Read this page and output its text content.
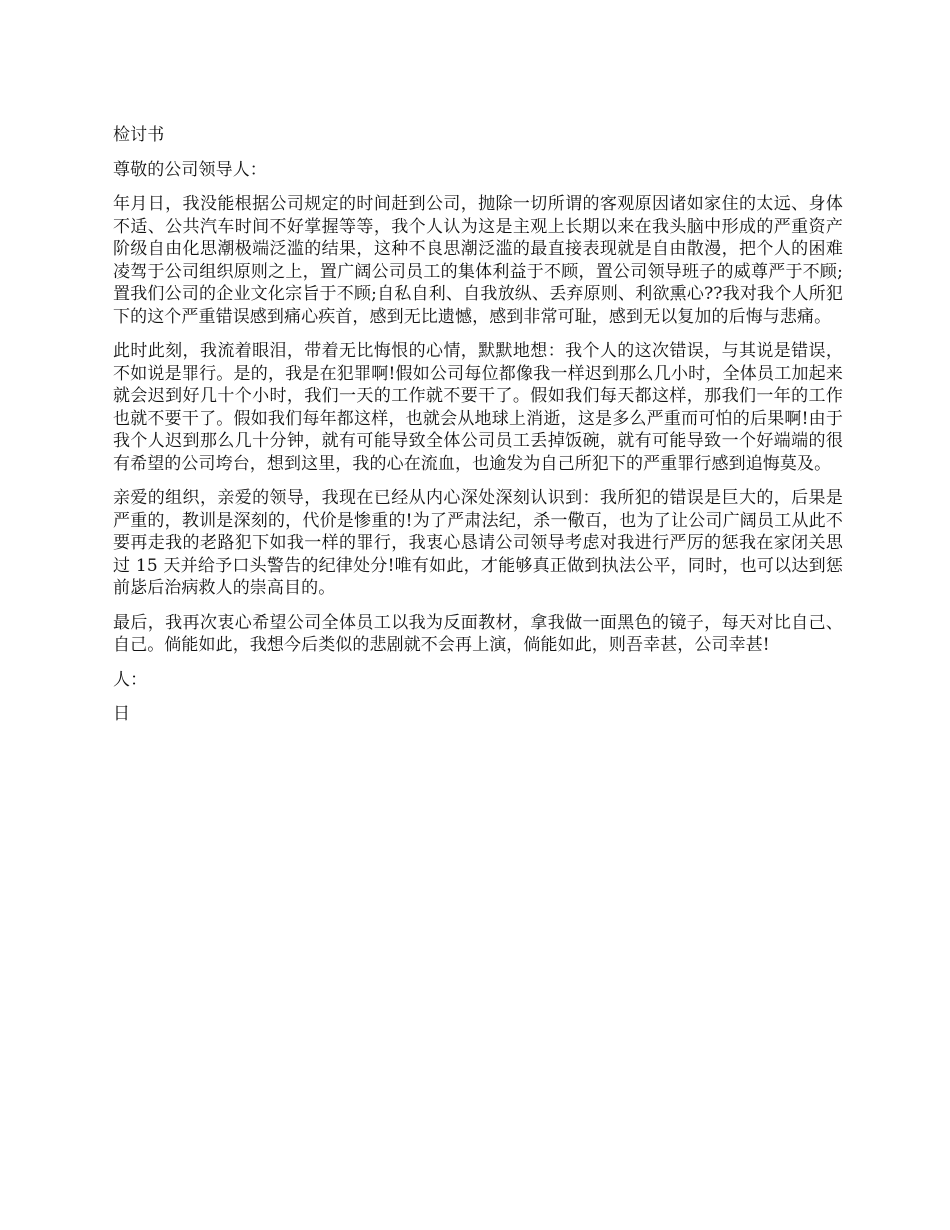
检讨书
尊敬的公司领导人：
年月日，我没能根据公司规定的时间赶到公司，抛除一切所谓的客观原因诸如家住的太远、身体不适、公共汽车时间不好掌握等等，我个人认为这是主观上长期以来在我头脑中形成的严重资产阶级自由化思潮极端泛滥的结果，这种不良思潮泛滥的最直接表现就是自由散漫，把个人的困难凌驾于公司组织原则之上，置广阔公司员工的集体利益于不顾，置公司领导班子的威尊严于不顾;置我们公司的企业文化宗旨于不顾;自私自利、自我放纵、丢弃原则、利欲熏心??我对我个人所犯下的这个严重错误感到痛心疾首，感到无比遗憾，感到非常可耻，感到无以复加的后悔与悲痛。
此时此刻，我流着眼泪，带着无比悔恨的心情，默默地想：我个人的这次错误，与其说是错误，不如说是罪行。是的，我是在犯罪啊!假如公司每位都像我一样迟到那么几小时，全体员工加起来就会迟到好几十个小时，我们一天的工作就不要干了。假如我们每天都这样，那我们一年的工作也就不要干了。假如我们每年都这样，也就会从地球上消逝，这是多么严重而可怕的后果啊!由于我个人迟到那么几十分钟，就有可能导致全体公司员工丢掉饭碗，就有可能导致一个好端端的很有希望的公司垮台，想到这里，我的心在流血，也逾发为自己所犯下的严重罪行感到追悔莫及。
亲爱的组织，亲爱的领导，我现在已经从内心深处深刻认识到：我所犯的错误是巨大的，后果是严重的，教训是深刻的，代价是惨重的!为了严肃法纪，杀一儆百，也为了让公司广阔员工从此不要再走我的老路犯下如我一样的罪行，我衷心恳请公司领导考虑对我进行严厉的惩我在家闭关思过 15 天并给予口头警告的纪律处分!唯有如此，才能够真正做到执法公平，同时，也可以达到惩前毖后治病救人的崇高目的。
最后，我再次衷心希望公司全体员工以我为反面教材，拿我做一面黑色的镜子，每天对比自己、自己。倘能如此，我想今后类似的悲剧就不会再上演，倘能如此，则吾幸甚，公司幸甚!
人：
日
